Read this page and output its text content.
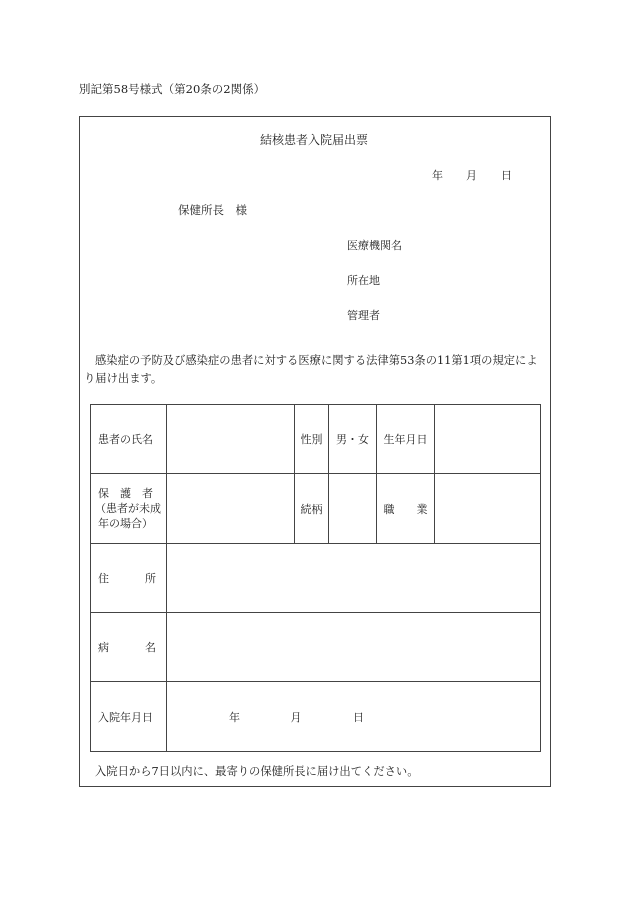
別記第58号様式（第20条の2関係）
結核患者入院届出票
年 月 日
保健所長　様
医療機関名
所在地
管理者
感染症の予防及び感染症の患者に対する医療に関する法律第53条の11第1項の規定によ
り届け出ます。
患者の氏名		性別	男・女	生年月日	

保　護　者
（患者が未成
年の場合）		続柄		職　　業	
住　　所					
病　　名					
入院年月日	年 月 日				
入院日から7日以内に、最寄りの保健所長に届け出てください。
